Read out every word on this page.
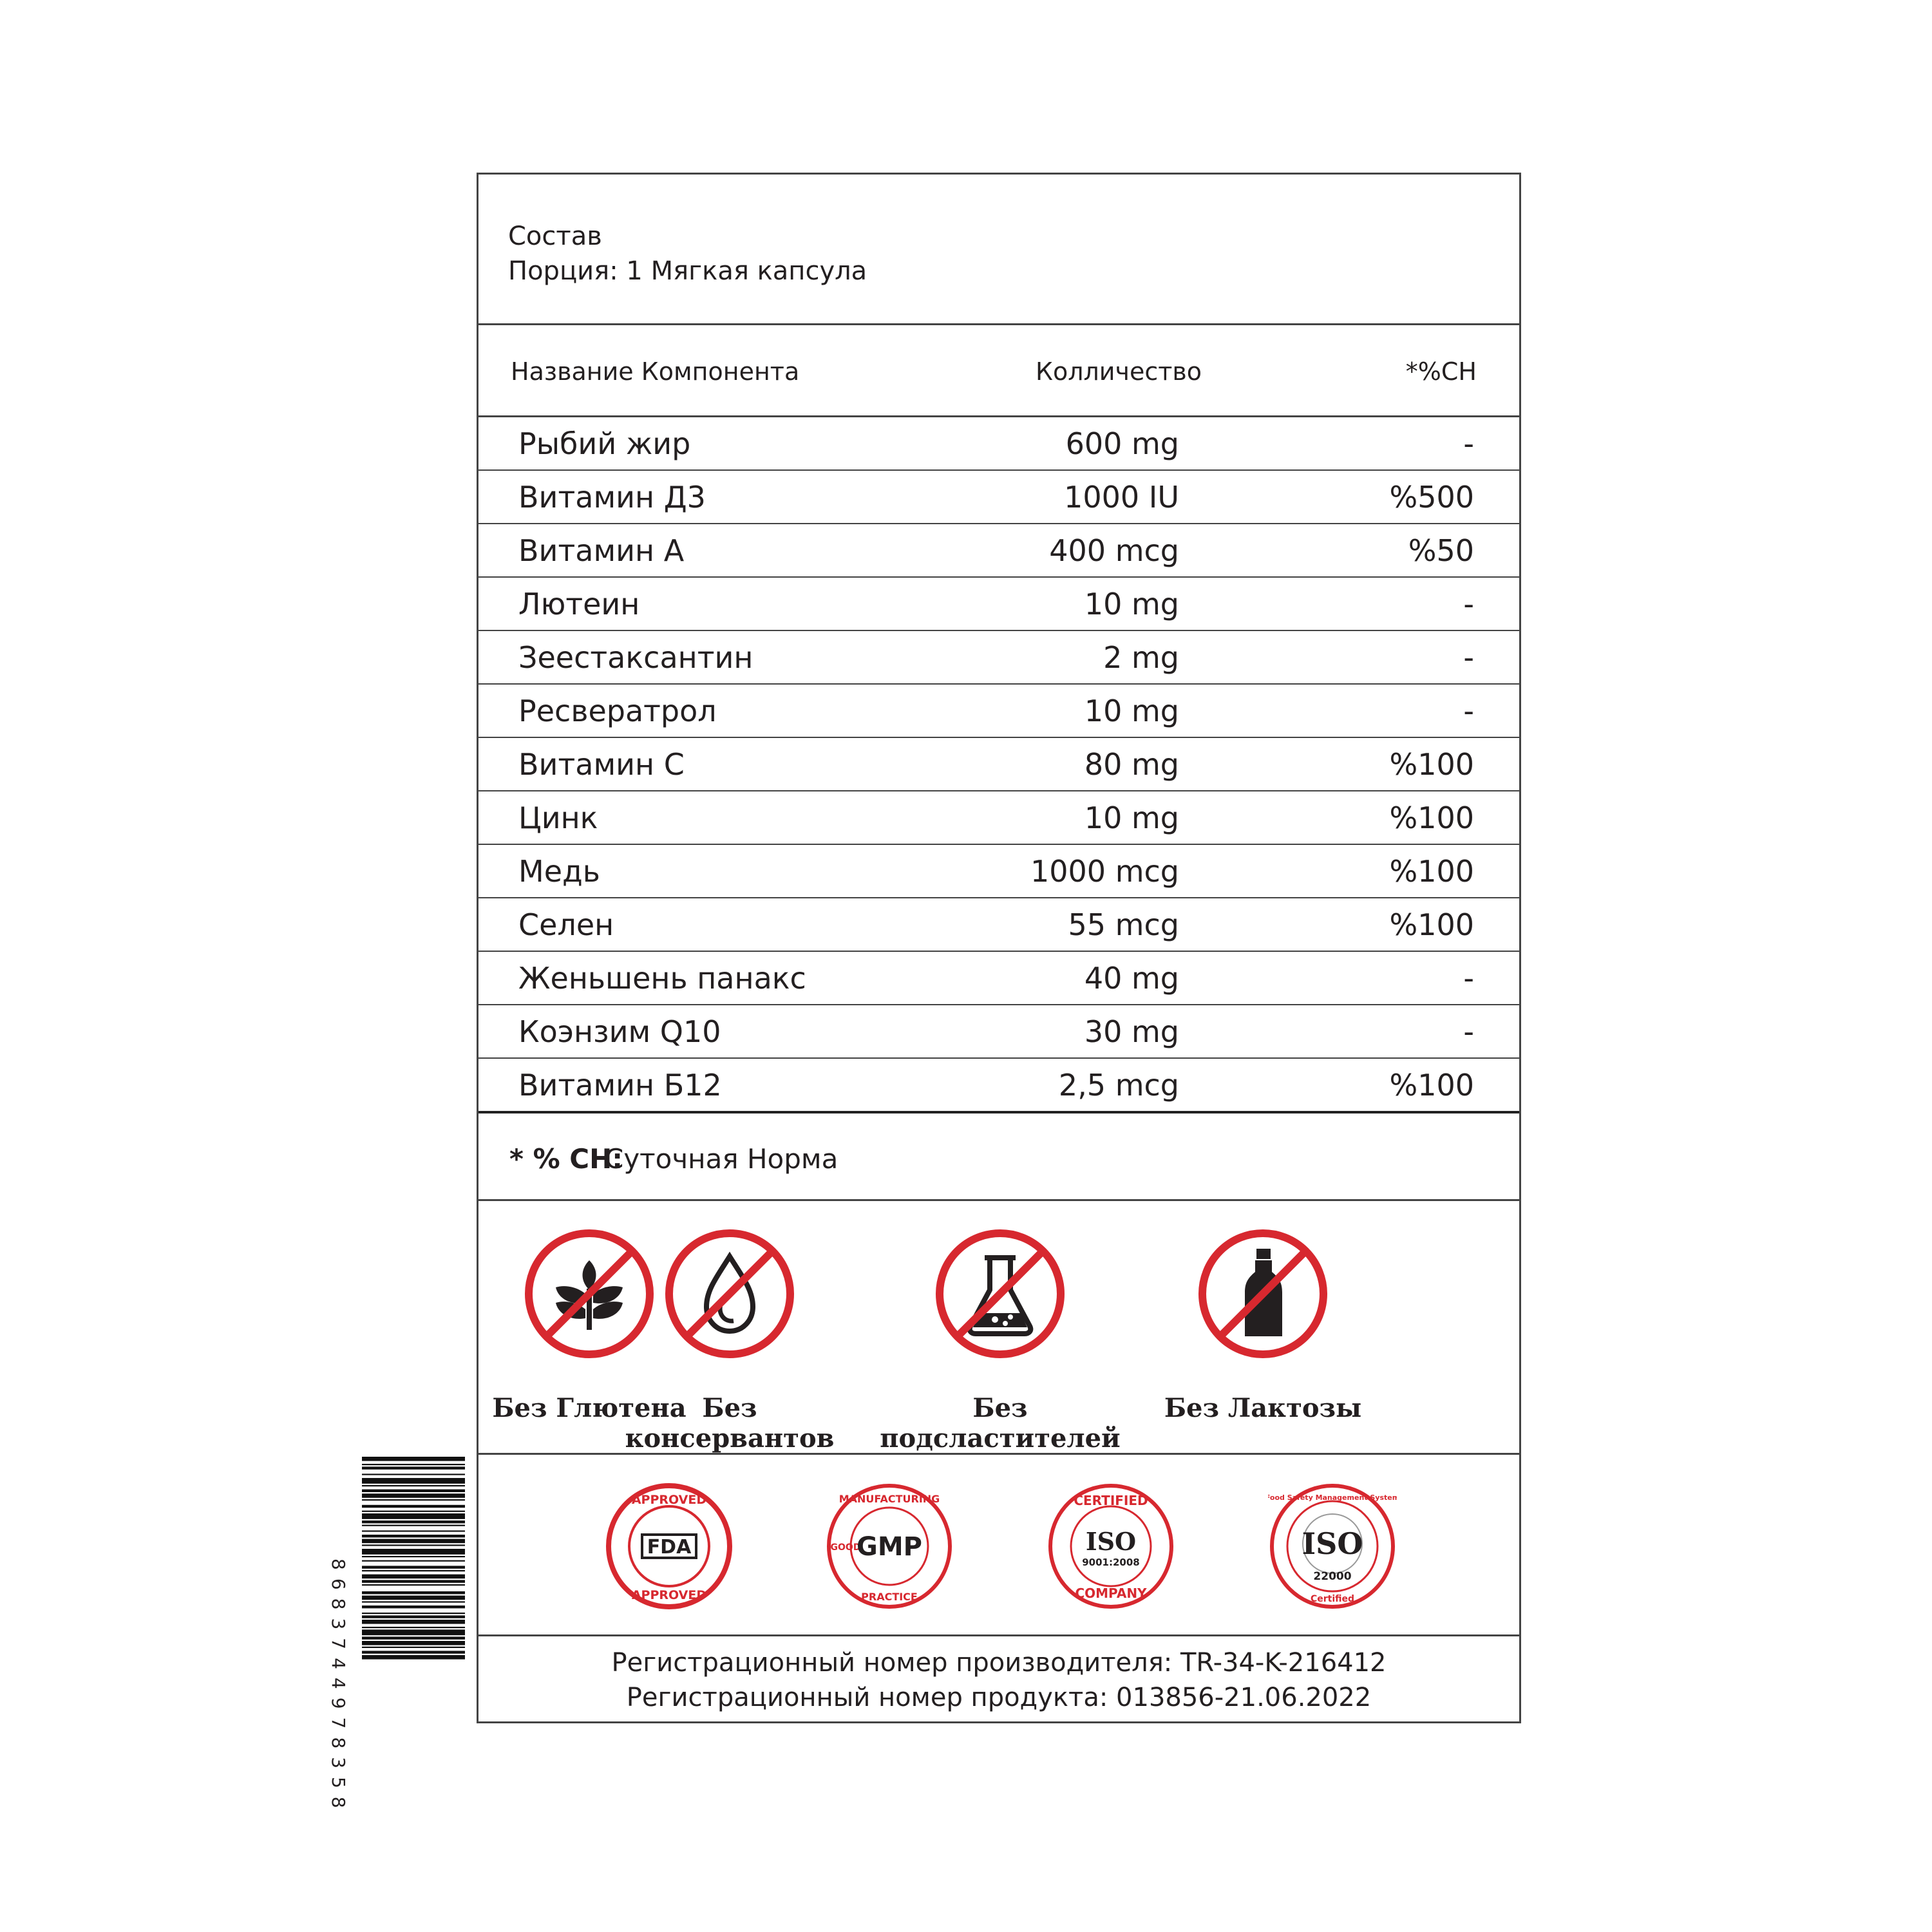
Состав
Порция: 1 Мягкая капсула
Название Компонента	Колличество	*%СН
Рыбий жир	600 mg	-
Витамин Д3	1000 IU	%500
Витамин А	400 mcg	%50
Лютеин	10 mg	-
Зеестаксантин	2 mg	-
Ресвератрол	10 mg	-
Витамин С	80 mg	%100
Цинк	10 mg	%100
Медь	1000 mcg	%100
Селен	55 mcg	%100
Женьшень панакс	40 mg	-
Коэнзим Q10	30 mg	-
Витамин Б12	2,5 mcg	%100
* % СН:
Суточная Норма
Без Глютена Без консервантов
Без подсластителей
Без Лактозы
APPROVED
APPROVED
FDA
MANUFACTURING
PRACTICE
GOOD
GMP
CERTIFIED
COMPANY
ISO
9001:2008
Food Safety Management System
Certified
ISO
22000
Регистрационный номер производителя: TR-34-K-216412
Регистрационный номер продукта: 013856-21.06.2022
8683744978358
